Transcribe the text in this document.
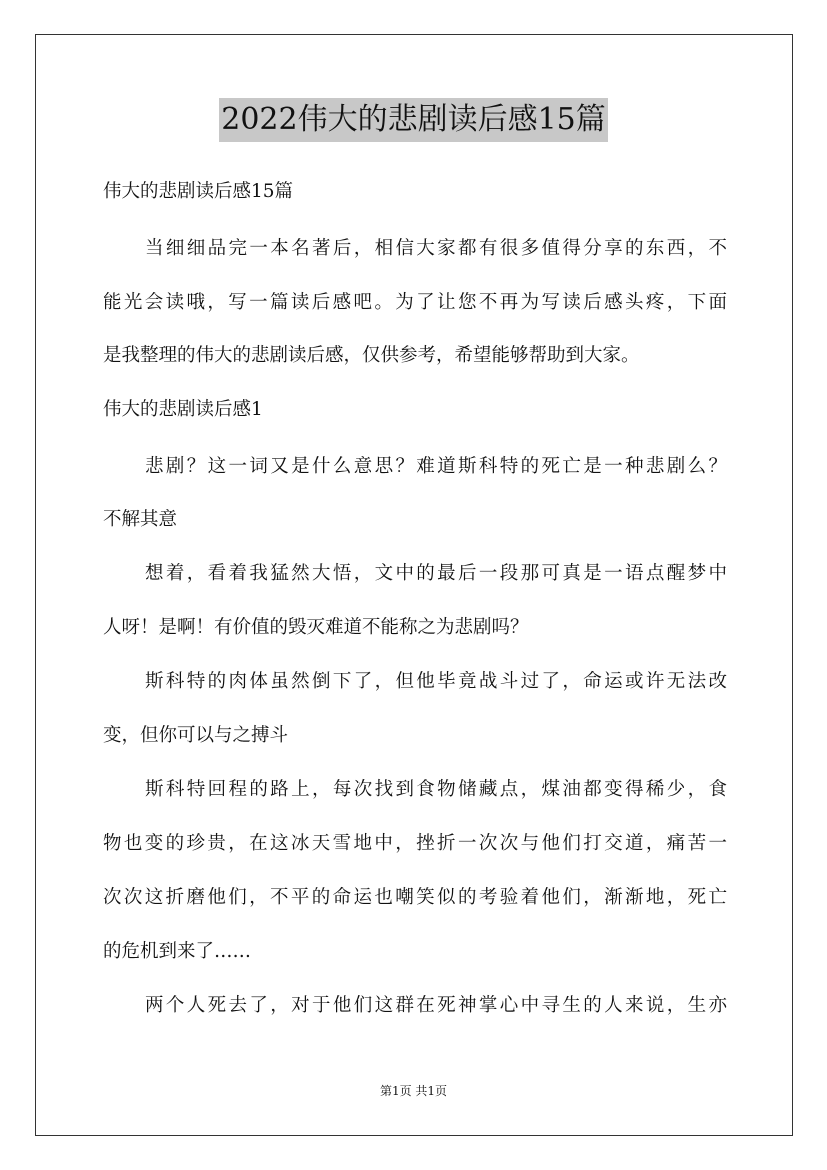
2022伟大的悲剧读后感15篇
伟大的悲剧读后感15篇
当细细品完一本名著后，相信大家都有很多值得分享的东西，不
能光会读哦，写一篇读后感吧。为了让您不再为写读后感头疼，下面
是我整理的伟大的悲剧读后感，仅供参考，希望能够帮助到大家。
伟大的悲剧读后感1
悲剧？这一词又是什么意思？难道斯科特的死亡是一种悲剧么？
不解其意
想着，看着我猛然大悟，文中的最后一段那可真是一语点醒梦中
人呀！是啊！有价值的毁灭难道不能称之为悲剧吗？
斯科特的肉体虽然倒下了，但他毕竟战斗过了，命运或许无法改
变，但你可以与之搏斗
斯科特回程的路上，每次找到食物储藏点，煤油都变得稀少，食
物也变的珍贵，在这冰天雪地中，挫折一次次与他们打交道，痛苦一
次次这折磨他们，不平的命运也嘲笑似的考验着他们，渐渐地，死亡
的危机到来了……
两个人死去了，对于他们这群在死神掌心中寻生的人来说，生亦
第1页 共1页
